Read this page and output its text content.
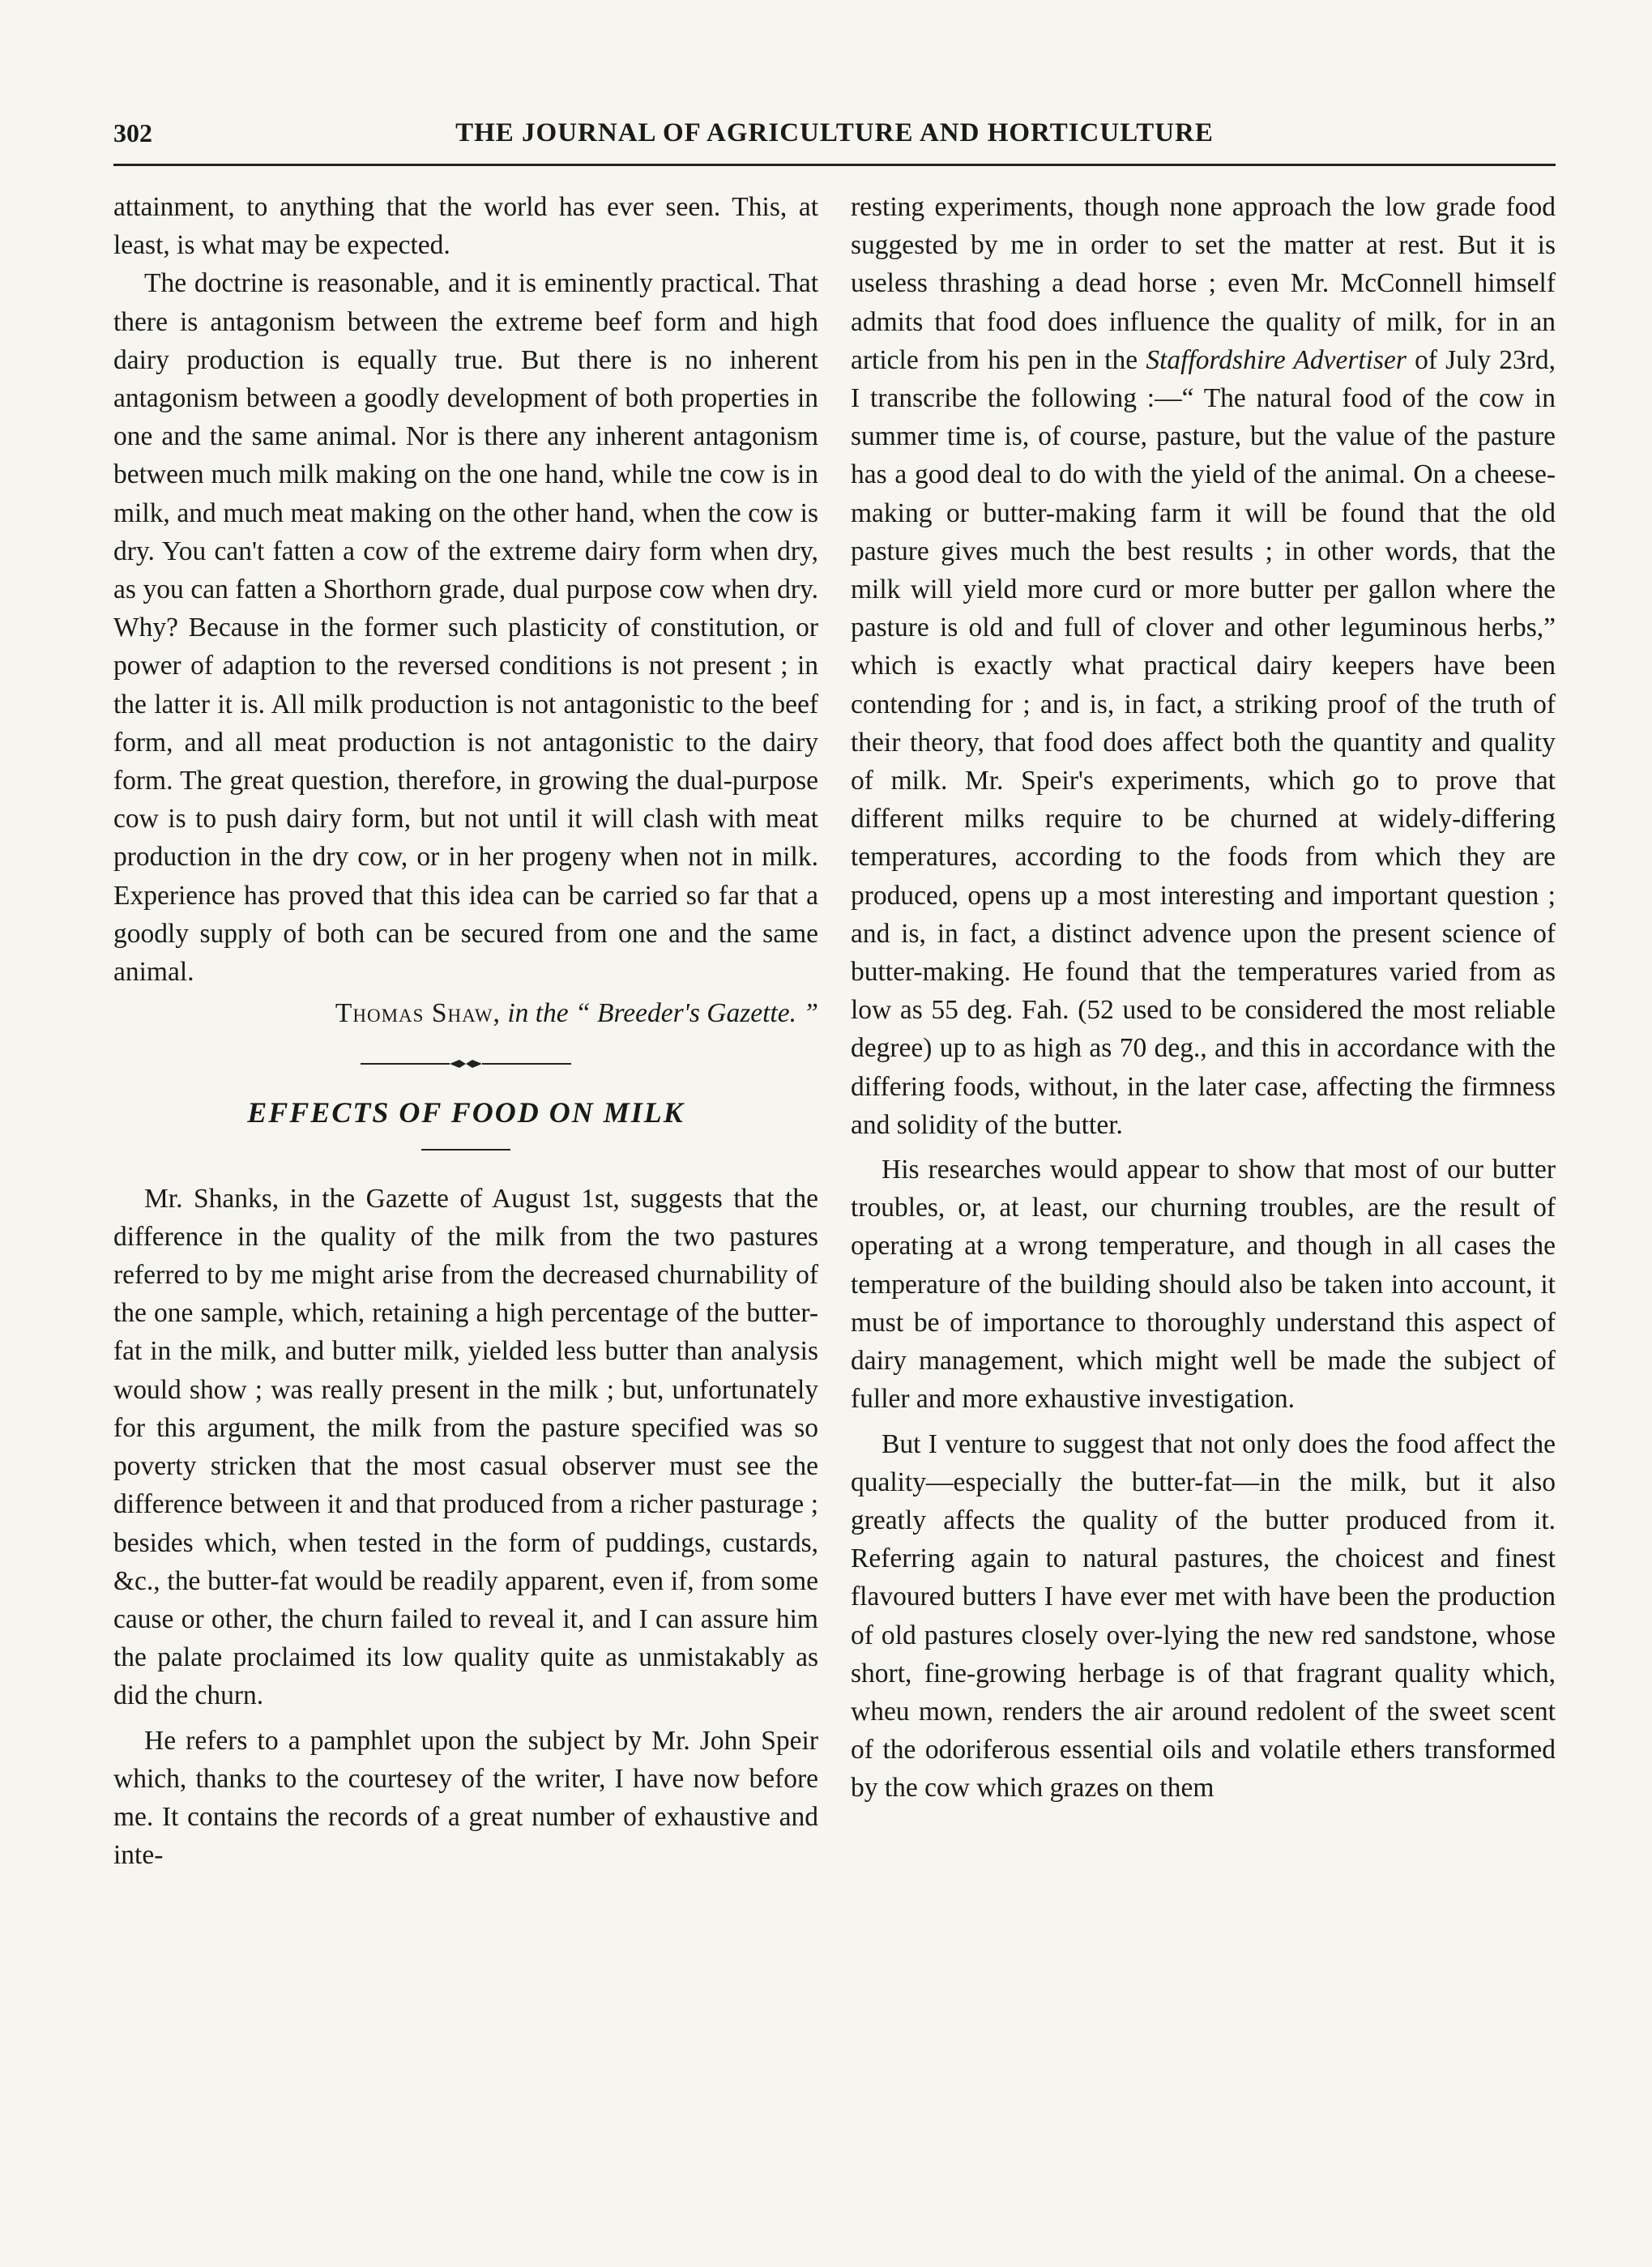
302	THE JOURNAL OF AGRICULTURE AND HORTICULTURE

attainment, to anything that the world has ever seen. This, at least, is what may be expected.

The doctrine is reasonable, and it is eminently practical. That there is antagonism between the extreme beef form and high dairy production is equally true. But there is no inherent antagonism between a goodly development of both properties in one and the same animal. Nor is there any inherent antagonism between much milk making on the one hand, while tne cow is in milk, and much meat making on the other hand, when the cow is dry. You can't fatten a cow of the extreme dairy form when dry, as you can fatten a Shorthorn grade, dual purpose cow when dry. Why? Because in the former such plasticity of constitution, or power of adaption to the reversed conditions is not present ; in the latter it is. All milk production is not antagonistic to the beef form, and all meat production is not antagonistic to the dairy form. The great question, therefore, in growing the dual-purpose cow is to push dairy form, but not until it will clash with meat production in the dry cow, or in her progeny when not in milk. Experience has proved that this idea can be carried so far that a goodly supply of both can be secured from one and the same animal.

Thomas Shaw, in the “ Breeder's Gazette. ”
EFFECTS OF FOOD ON MILK

Mr. Shanks, in the Gazette of August 1st, suggests that the difference in the quality of the milk from the two pastures referred to by me might arise from the decreased churnability of the one sample, which, retaining a high percentage of the butter-fat in the milk, and butter milk, yielded less butter than analysis would show ; was really present in the milk ; but, unfortunately for this argument, the milk from the pasture specified was so poverty stricken that the most casual observer must see the difference between it and that produced from a richer pasturage ; besides which, when tested in the form of puddings, custards, &c., the butter-fat would be readily apparent, even if, from some cause or other, the churn failed to reveal it, and I can assure him the palate proclaimed its low quality quite as unmistakably as did the churn.

He refers to a pamphlet upon the subject by Mr. John Speir which, thanks to the courtesey of the writer, I have now before me. It contains the records of a great number of exhaustive and inte-

resting experiments, though none approach the low grade food suggested by me in order to set the matter at rest. But it is useless thrashing a dead horse ; even Mr. McConnell himself admits that food does influence the quality of milk, for in an article from his pen in the Staffordshire Advertiser of July 23rd, I transcribe the following :—“ The natural food of the cow in summer time is, of course, pasture, but the value of the pasture has a good deal to do with the yield of the animal. On a cheese-making or butter-making farm it will be found that the old pasture gives much the best results ; in other words, that the milk will yield more curd or more butter per gallon where the pasture is old and full of clover and other leguminous herbs,” which is exactly what practical dairy keepers have been contending for ; and is, in fact, a striking proof of the truth of their theory, that food does affect both the quantity and quality of milk. Mr. Speir's experiments, which go to prove that different milks require to be churned at widely-differing temperatures, according to the foods from which they are produced, opens up a most interesting and important question ; and is, in fact, a distinct advence upon the present science of butter-making. He found that the temperatures varied from as low as 55 deg. Fah. (52 used to be considered the most reliable degree) up to as high as 70 deg., and this in accordance with the differing foods, without, in the later case, affecting the firmness and solidity of the butter.

His researches would appear to show that most of our butter troubles, or, at least, our churning troubles, are the result of operating at a wrong temperature, and though in all cases the temperature of the building should also be taken into account, it must be of importance to thoroughly understand this aspect of dairy management, which might well be made the subject of fuller and more exhaustive investigation.

But I venture to suggest that not only does the food affect the quality—especially the butter-fat—in the milk, but it also greatly affects the quality of the butter produced from it. Referring again to natural pastures, the choicest and finest flavoured butters I have ever met with have been the production of old pastures closely over-lying the new red sandstone, whose short, fine-growing herbage is of that fragrant quality which, wheu mown, renders the air around redolent of the sweet scent of the odoriferous essential oils and volatile ethers transformed by the cow which grazes on them
